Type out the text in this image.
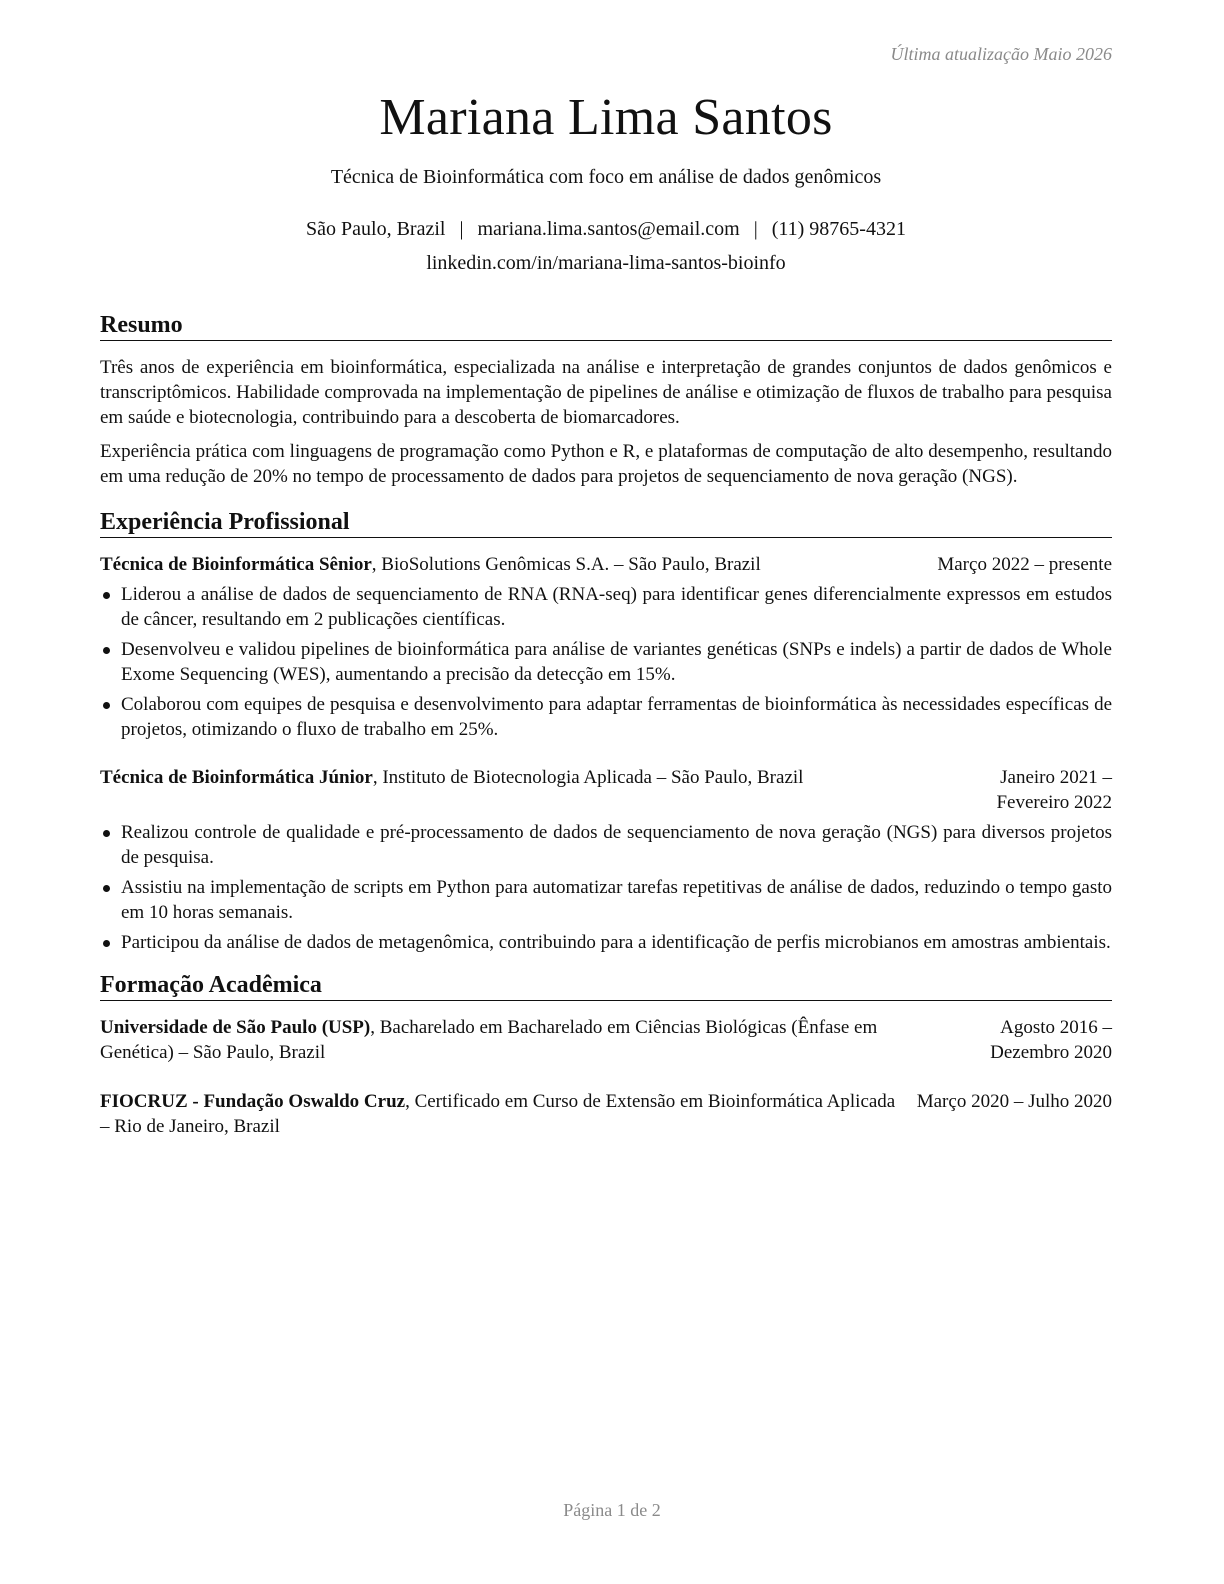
Última atualização Maio 2026
Mariana Lima Santos
Técnica de Bioinformática com foco em análise de dados genômicos
São Paulo, Brazil | mariana.lima.santos@email.com | (11) 98765-4321
linkedin.com/in/mariana-lima-santos-bioinfo
Resumo

Três anos de experiência em bioinformática, especializada na análise e interpretação de grandes conjuntos de dados genômicos e transcriptômicos. Habilidade comprovada na implementação de pipelines de análise e otimização de fluxos de trabalho para pesquisa em saúde e biotecnologia, contribuindo para a descoberta de biomarcadores.

Experiência prática com linguagens de programação como Python e R, e plataformas de computação de alto desempenho, resultando em uma redução de 20% no tempo de processamento de dados para projetos de sequenciamento de nova geração (NGS).

Experiência Profissional
Técnica de Bioinformática Sênior, BioSolutions Genômicas S.A. – São Paulo, Brazil	Março 2022 – presente
Liderou a análise de dados de sequenciamento de RNA (RNA-seq) para identificar genes diferencialmente expressos em estudos de câncer, resultando em 2 publicações científicas.
Desenvolveu e validou pipelines de bioinformática para análise de variantes genéticas (SNPs e indels) a partir de dados de Whole Exome Sequencing (WES), aumentando a precisão da detecção em 15%.
Colaborou com equipes de pesquisa e desenvolvimento para adaptar ferramentas de bioinformática às necessidades específicas de projetos, otimizando o fluxo de trabalho em 25%.
Técnica de Bioinformática Júnior, Instituto de Biotecnologia Aplicada – São Paulo, Brazil	Janeiro 2021 – Fevereiro 2022
Realizou controle de qualidade e pré-processamento de dados de sequenciamento de nova geração (NGS) para diversos projetos de pesquisa.
Assistiu na implementação de scripts em Python para automatizar tarefas repetitivas de análise de dados, reduzindo o tempo gasto em 10 horas semanais.
Participou da análise de dados de metagenômica, contribuindo para a identificação de perfis microbianos em amostras ambientais.
Formação Acadêmica
Universidade de São Paulo (USP), Bacharelado em Bacharelado em Ciências Biológicas (Ênfase em Genética) – São Paulo, Brazil
Agosto 2016 – Dezembro 2020
FIOCRUZ - Fundação Oswaldo Cruz, Certificado em Curso de Extensão em Bioinformática Aplicada – Rio de Janeiro, Brazil
Março 2020 – Julho 2020
Página 1 de 2
